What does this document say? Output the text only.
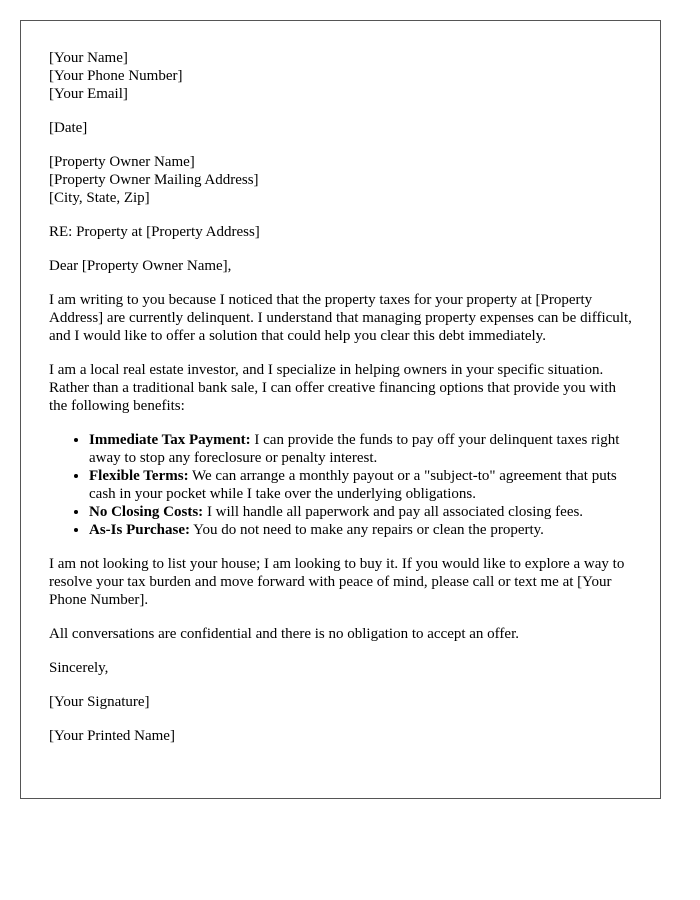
[Your Name]
[Your Phone Number]
[Your Email]

[Date]

[Property Owner Name]
[Property Owner Mailing Address]
[City, State, Zip]

RE: Property at [Property Address]

Dear [Property Owner Name],

I am writing to you because I noticed that the property taxes for your property at [Property Address] are currently delinquent. I understand that managing property expenses can be difficult, and I would like to offer a solution that could help you clear this debt immediately.

I am a local real estate investor, and I specialize in helping owners in your specific situation. Rather than a traditional bank sale, I can offer creative financing options that provide you with the following benefits:

• Immediate Tax Payment: I can provide the funds to pay off your delinquent taxes right away to stop any foreclosure or penalty interest.
• Flexible Terms: We can arrange a monthly payout or a "subject-to" agreement that puts cash in your pocket while I take over the underlying obligations.
• No Closing Costs: I will handle all paperwork and pay all associated closing fees.
• As-Is Purchase: You do not need to make any repairs or clean the property.

I am not looking to list your house; I am looking to buy it. If you would like to explore a way to resolve your tax burden and move forward with peace of mind, please call or text me at [Your Phone Number].

All conversations are confidential and there is no obligation to accept an offer.

Sincerely,

[Your Signature]

[Your Printed Name]
